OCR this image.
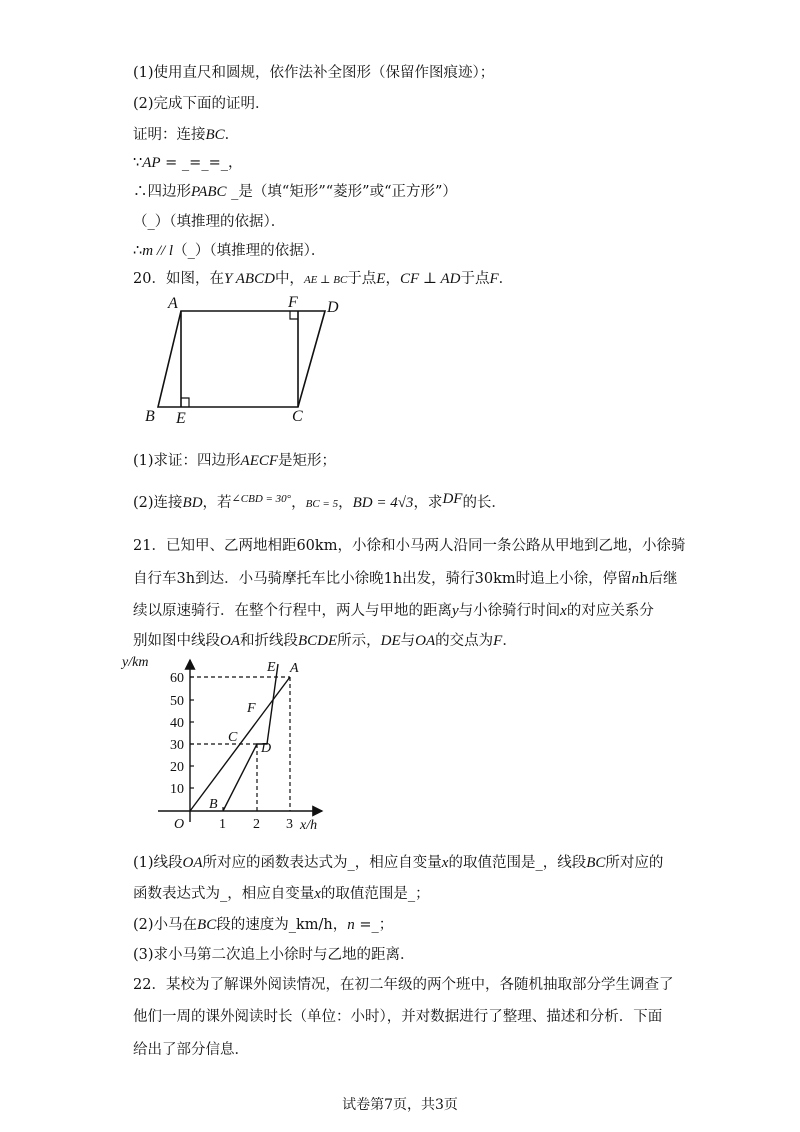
(1)使用直尺和圆规，依作法补全图形（保留作图痕迹）；
(2)完成下面的证明．
证明：连接BC．
∵AP = _=_=_，
∴四边形PABC _是（填“矩形”“菱形”或“正方形”）
（_）（填推理的依据）．
∴m // l（_）（填推理的依据）．
20．如图，在Y ABCD中，AE ⊥ BC于点E，CF ⊥ AD于点F．
A	F D
B E	C
(1)求证：四边形AECF是矩形；
(2)连接BD，若$^{\angle CBD = 30^\circ}$，BC = 5，BD = 4√3，求DF的长．
21．已知甲、乙两地相距60km，小徐和小马两人沿同一条公路从甲地到乙地，小徐骑
自行车3h到达．小马骑摩托车比小徐晚1h出发，骑行30km时追上小徐，停留nh后继
续以原速骑行．在整个行程中，两人与甲地的距离y与小徐骑行时间x的对应关系分
别如图中线段OA和折线段BCDE所示，DE与OA的交点为F．
y/km
10
20
30
40
50
60
1 2 3
O	x/h
A
E
F
C
D
B
(1)线段OA所对应的函数表达式为_，相应自变量x的取值范围是_，线段BC所对应的
函数表达式为_，相应自变量x的取值范围是_；
(2)小马在BC段的速度为_km/h，n =_；
(3)求小马第二次追上小徐时与乙地的距离．
22．某校为了解课外阅读情况，在初二年级的两个班中，各随机抽取部分学生调查了
他们一周的课外阅读时长（单位：小时），并对数据进行了整理、描述和分析．下面
给出了部分信息．
试卷第7页，共3页
